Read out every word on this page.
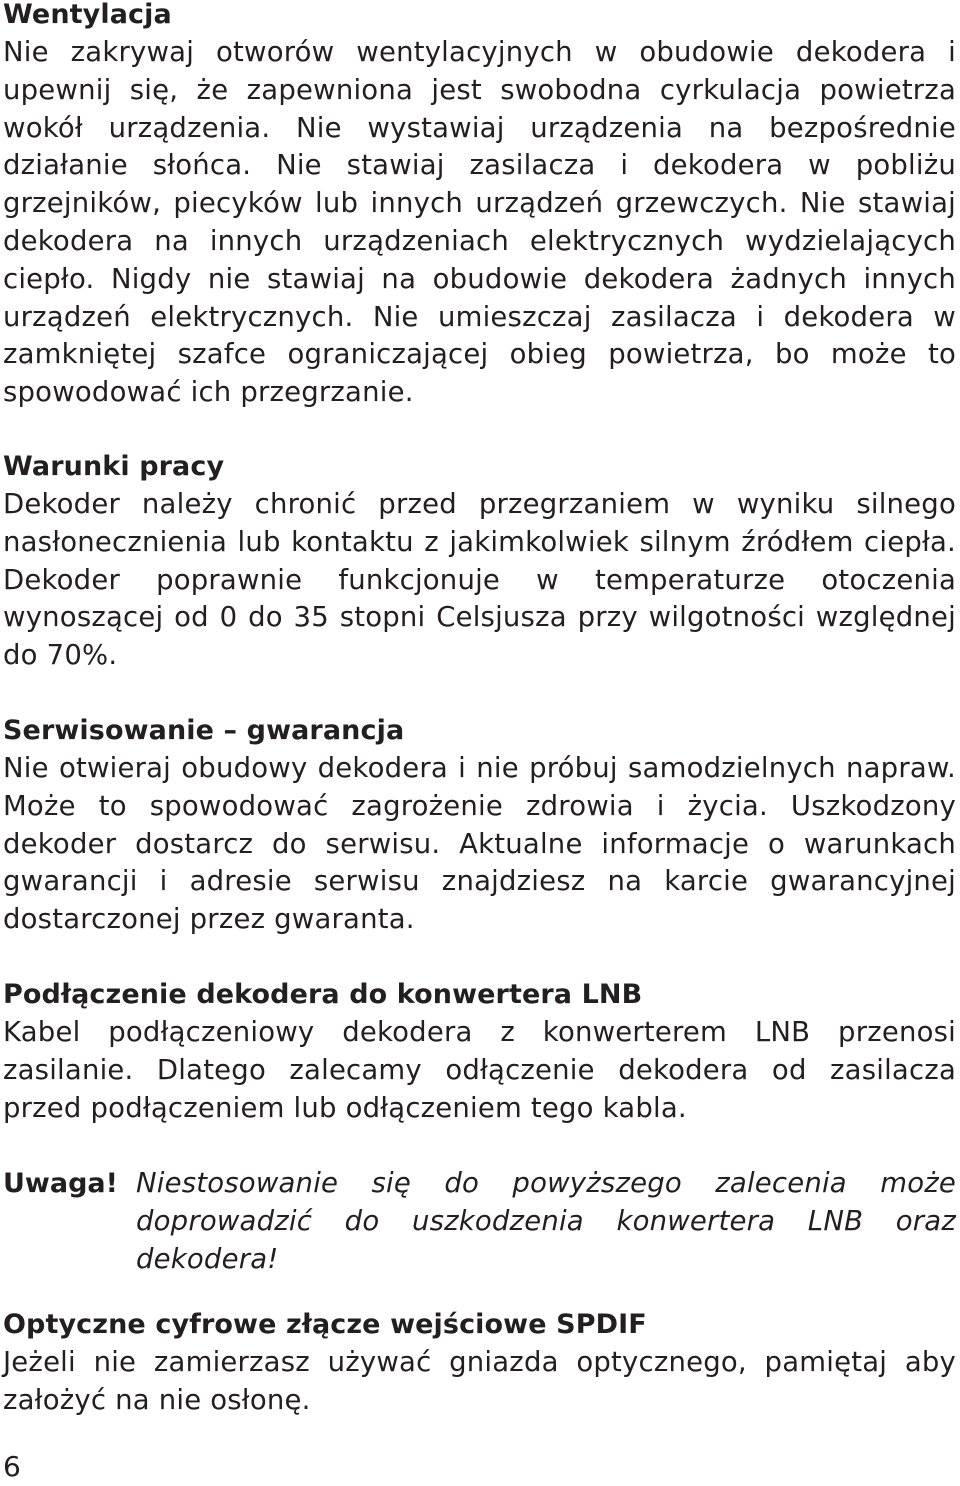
Wentylacja

Nie zakrywaj otworów wentylacyjnych w obudowie dekodera i upewnij się, że zapewniona jest swobodna cyrkulacja powietrza wokół urządzenia. Nie wystawiaj urządzenia na bezpośrednie działanie słońca. Nie stawiaj zasilacza i dekodera w pobliżu grzejników, piecyków lub innych urządzeń grzewczych. Nie stawiaj dekodera na innych urządzeniach elektrycznych wydzielających ciepło. Nigdy nie stawiaj na obudowie dekodera żadnych innych urządzeń elektrycznych. Nie umieszczaj zasilacza i dekodera w zamkniętej szafce ograniczającej obieg powietrza, bo może to spowodować ich przegrzanie.

Warunki pracy

Dekoder należy chronić przed przegrzaniem w wyniku silnego nasłonecznienia lub kontaktu z jakimkolwiek silnym źródłem ciepła. Dekoder poprawnie funkcjonuje w temperaturze otoczenia wynoszącej od 0 do 35 stopni Celsjusza przy wilgotności względnej do 70%.

Serwisowanie – gwarancja

Nie otwieraj obudowy dekodera i nie próbuj samodzielnych napraw. Może to spowodować zagrożenie zdrowia i życia. Uszkodzony dekoder dostarcz do serwisu. Aktualne informacje o warunkach gwarancji i adresie serwisu znajdziesz na karcie gwarancyjnej dostarczonej przez gwaranta.

Podłączenie dekodera do konwertera LNB

Kabel podłączeniowy dekodera z konwerterem LNB przenosi zasilanie. Dlatego zalecamy odłączenie dekodera od zasilacza przed podłączeniem lub odłączeniem tego kabla.

Uwaga! Niestosowanie się do powyższego zalecenia może doprowadzić do uszkodzenia konwertera LNB oraz dekodera!
Optyczne cyfrowe złącze wejściowe SPDIF

Jeżeli nie zamierzasz używać gniazda optycznego, pamiętaj aby założyć na nie osłonę.

6
